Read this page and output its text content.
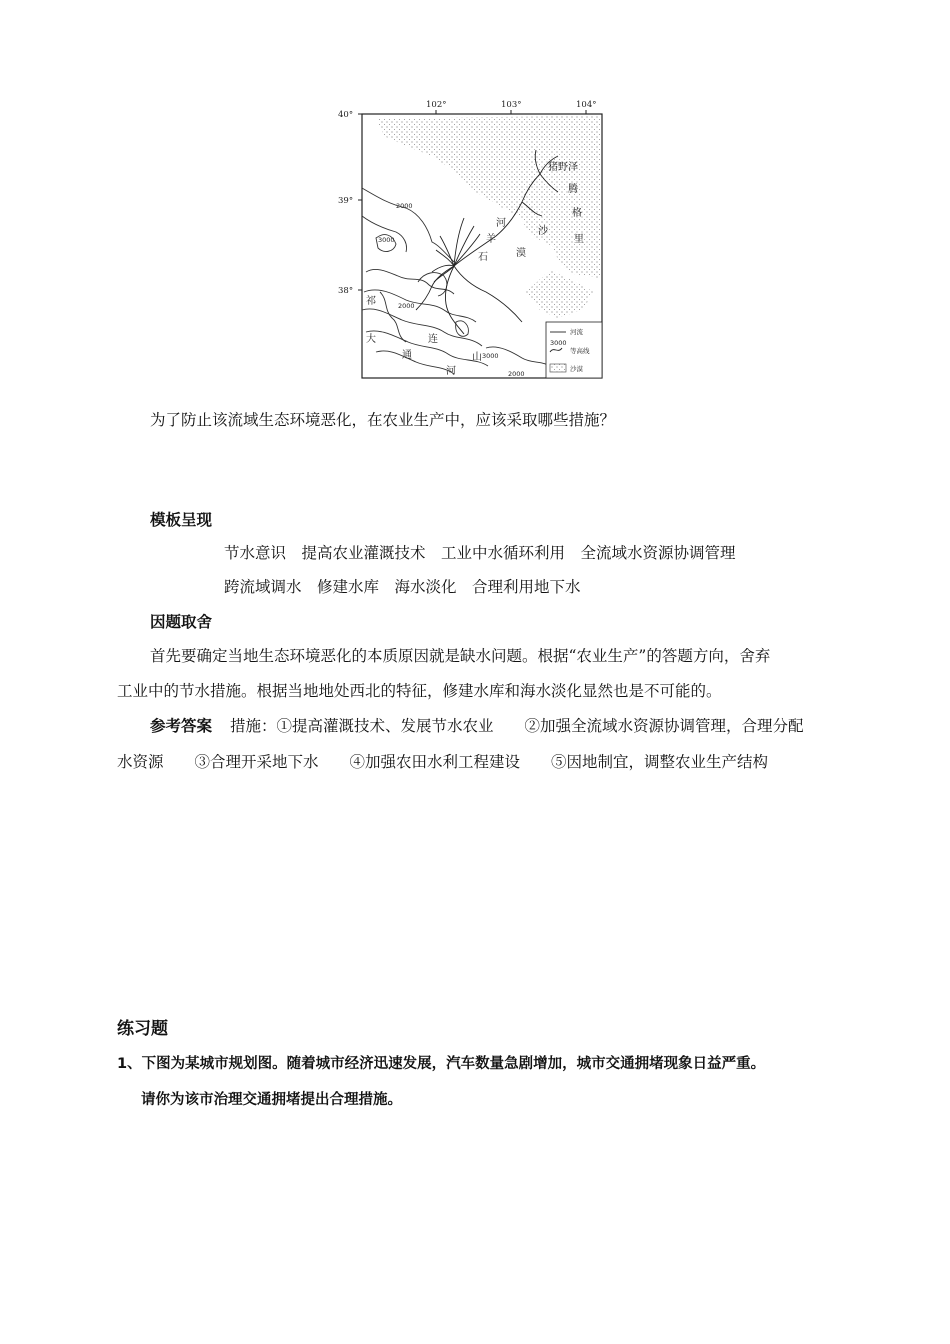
40°
39°
38°
102°	103°	104°
猪野泽
腾
格
里
沙
漠
石
羊
河
祁
大	连
通	山
河
2000
3000
2000
3000
2000
河流
3000
等高线
沙漠
为了防止该流域生态环境恶化，在农业生产中，应该采取哪些措施？
模板呈现
节水意识　提高农业灌溉技术　工业中水循环利用　全流域水资源协调管理
跨流域调水　修建水库　海水淡化　合理利用地下水
因题取舍
首先要确定当地生态环境恶化的本质原因就是缺水问题。根据“农业生产”的答题方向，舍弃
工业中的节水措施。根据当地地处西北的特征，修建水库和海水淡化显然也是不可能的。
参考答案 措施：①提高灌溉技术、发展节水农业　　②加强全流域水资源协调管理，合理分配
水资源　　③合理开采地下水　　④加强农田水利工程建设　　⑤因地制宜，调整农业生产结构
练习题
1、下图为某城市规划图。随着城市经济迅速发展，汽车数量急剧增加，城市交通拥堵现象日益严重。
请你为该市治理交通拥堵提出合理措施。
